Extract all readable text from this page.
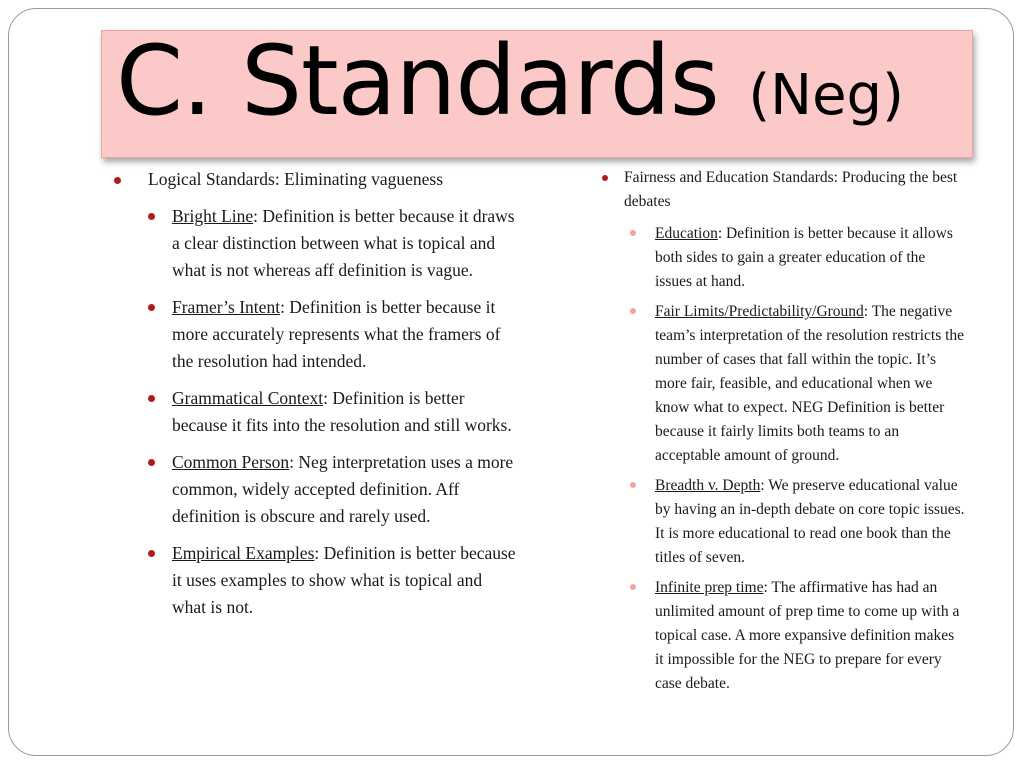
C. Standards (Neg)
Logical Standards: Eliminating vagueness
Bright Line: Definition is better because it draws a clear distinction between what is topical and what is not whereas aff definition is vague.
Framer’s Intent: Definition is better because it more accurately represents what the framers of the resolution had intended.
Grammatical Context: Definition is better because it fits into the resolution and still works.
Common Person: Neg interpretation uses a more common, widely accepted definition. Aff definition is obscure and rarely used.
Empirical Examples: Definition is better because it uses examples to show what is topical and what is not.
Fairness and Education Standards: Producing the best debates
Education: Definition is better because it allows both sides to gain a greater education of the issues at hand.
Fair Limits/Predictability/Ground: The negative team’s interpretation of the resolution restricts the number of cases that fall within the topic. It’s more fair, feasible, and educational when we know what to expect. NEG Definition is better because it fairly limits both teams to an acceptable amount of ground.
Breadth v. Depth: We preserve educational value by having an in-depth debate on core topic issues. It is more educational to read one book than the titles of seven.
Infinite prep time: The affirmative has had an unlimited amount of prep time to come up with a topical case. A more expansive definition makes it impossible for the NEG to prepare for every case debate.
